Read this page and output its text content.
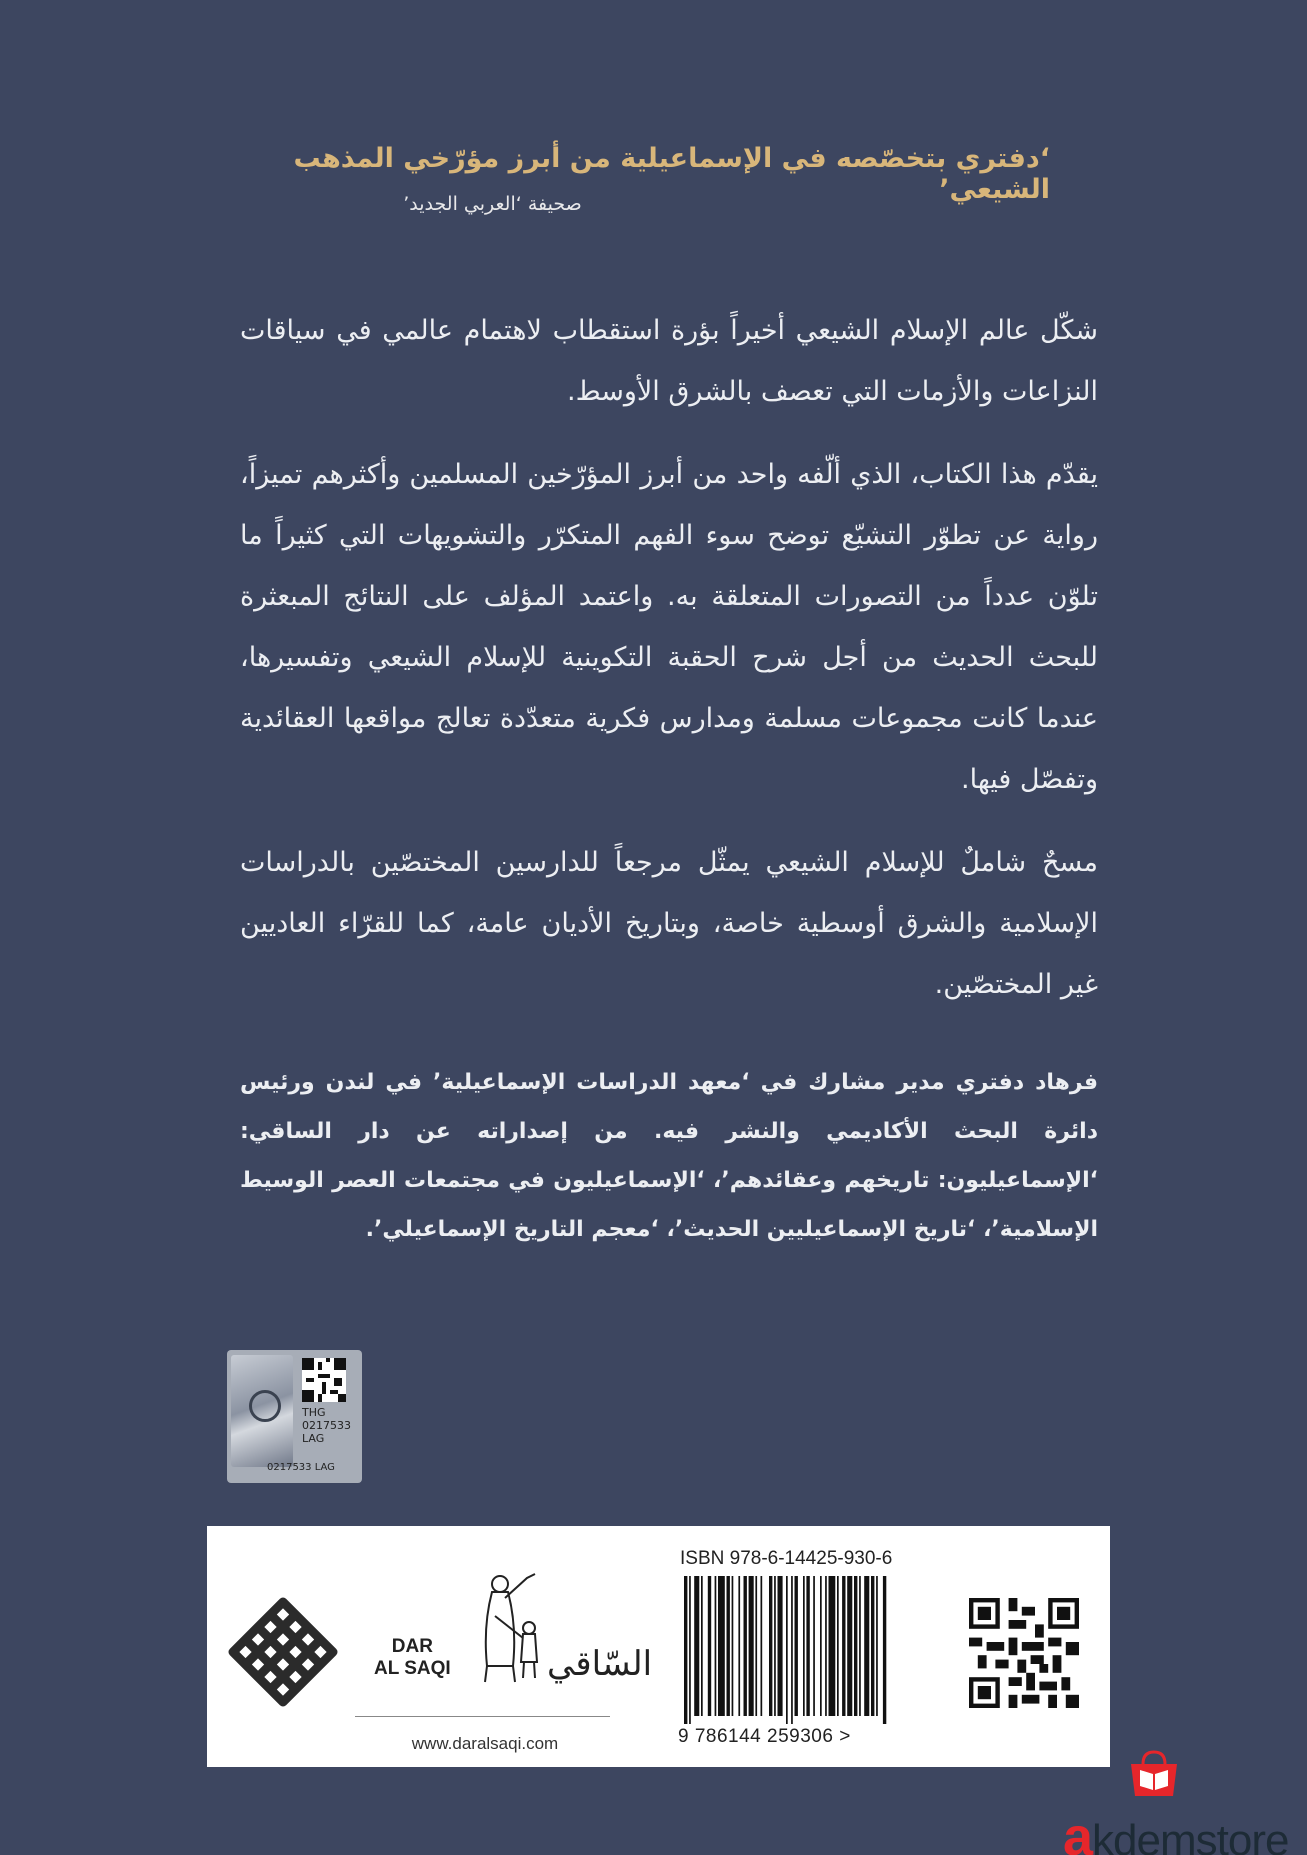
‘دفتري بتخصّصه في الإسماعيلية من أبرز مؤرّخي المذهب الشيعي’
صحيفة ‘العربي الجديد’

شكّل عالم الإسلام الشيعي أخيراً بؤرة استقطاب لاهتمام عالمي في سياقات النزاعات والأزمات التي تعصف بالشرق الأوسط.

يقدّم هذا الكتاب، الذي ألّفه واحد من أبرز المؤرّخين المسلمين وأكثرهم تميزاً، رواية عن تطوّر التشيّع توضح سوء الفهم المتكرّر والتشويهات التي كثيراً ما تلوّن عدداً من التصورات المتعلقة به. واعتمد المؤلف على النتائج المبعثرة للبحث الحديث من أجل شرح الحقبة التكوينية للإسلام الشيعي وتفسيرها، عندما كانت مجموعات مسلمة ومدارس فكرية متعدّدة تعالج مواقعها العقائدية وتفصّل فيها.

مسحٌ شاملٌ للإسلام الشيعي يمثّل مرجعاً للدارسين المختصّين بالدراسات الإسلامية والشرق أوسطية خاصة، وبتاريخ الأديان عامة، كما للقرّاء العاديين غير المختصّين.

فرهاد دفتري مدير مشارك في ‘معهد الدراسات الإسماعيلية’ في لندن ورئيس دائرة البحث الأكاديمي والنشر فيه. من إصداراته عن دار الساقي: ‘الإسماعيليون: تاريخهم وعقائدهم’، ‘الإسماعيليون في مجتمعات العصر الوسيط الإسلامية’، ‘تاريخ الإسماعيليين الحديث’، ‘معجم التاريخ الإسماعيلي’.

THG
0217533
LAG
0217533 LAG
DAR
AL SAQI	السّاقي
www.daralsaqi.com
ISBN 978-6-14425-930-6
9 786144 259306 >
akdemstore
